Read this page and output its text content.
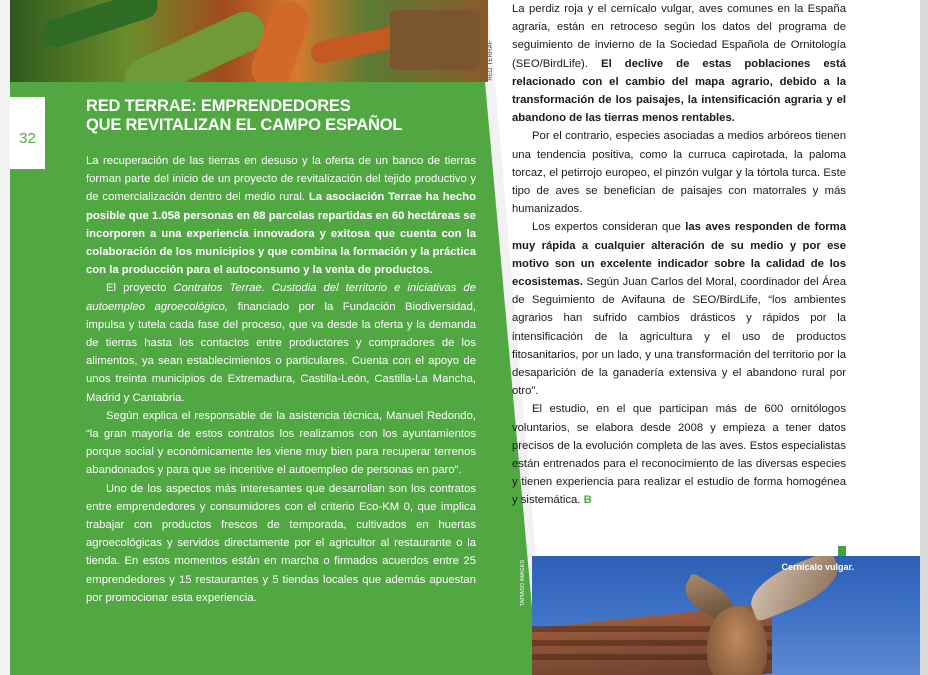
RED TERRAE
32
RED TERRAE: EMPRENDEDORES
QUE REVITALIZAN EL CAMPO ESPAÑOL

La recuperación de las tierras en desuso y la oferta de un banco de tierras forman parte del inicio de un proyecto de revitalización del tejido productivo y de comercialización dentro del medio rural. La asociación Terrae ha hecho posible que 1.058 personas en 88 parcelas repartidas en 60 hectáreas se incorporen a una experiencia innovadora y exitosa que cuenta con la colaboración de los municipios y que combina la formación y la práctica con la producción para el autoconsumo y la venta de productos.

El proyecto Contratos Terrae. Custodia del territorio e iniciativas de autoempleo agroecológico, financiado por la Fundación Biodiversidad, impulsa y tutela cada fase del proceso, que va desde la oferta y la demanda de tierras hasta los contactos entre productores y compradores de los alimentos, ya sean establecimientos o particulares. Cuenta con el apoyo de unos treinta municipios de Extremadura, Castilla-León, Castilla-La Mancha, Madrid y Cantabria.

Según explica el responsable de la asistencia técnica, Manuel Redondo, “la gran mayoría de estos contratos los realizamos con los ayuntamientos porque social y económicamente les viene muy bien para recuperar terrenos abandonados y para que se incentive el autoempleo de personas en paro”.

Uno de los aspectos más interesantes que desarrollan son los contratos entre emprendedores y consumidores con el criterio Eco-KM 0, que implica trabajar con productos frescos de temporada, cultivados en huertas agroecológicas y servidos directamente por el agricultor al restaurante o la tienda. En estos momentos están en marcha o firmados acuerdos entre 25 emprendedores y 15 restaurantes y 5 tiendas locales que además apuestan por promocionar esta experiencia.

La perdiz roja y el cernícalo vulgar, aves comunes en la España agraria, están en retroceso según los datos del programa de seguimiento de invierno de la Sociedad Española de Ornitología (SEO/BirdLife). El declive de estas poblaciones está relacionado con el cambio del mapa agrario, debido a la transformación de los paisajes, la intensificación agraria y el abandono de las tierras menos rentables.

Por el contrario, especies asociadas a medios arbóreos tienen una tendencia positiva, como la curruca capirotada, la paloma torcaz, el petirrojo europeo, el pinzón vulgar y la tórtola turca. Este tipo de aves se benefician de paisajes con matorrales y más humanizados.

Los expertos consideran que las aves responden de forma muy rápida a cualquier alteración de su medio y por ese motivo son un excelente indicador sobre la calidad de los ecosistemas. Según Juan Carlos del Moral, coordinador del Área de Seguimiento de Avifauna de SEO/BirdLife, “los ambientes agrarios han sufrido cambios drásticos y rápidos por la intensificación de la agricultura y el uso de productos fitosanitarios, por un lado, y una transformación del territorio por la desaparición de la ganadería extensiva y el abandono rural por otro”.

El estudio, en el que participan más de 600 ornitólogos voluntarios, se elabora desde 2008 y empieza a tener datos precisos de la evolución completa de las aves. Estos especialistas están entrenados para el reconocimiento de las diversas especies y tienen experiencia para realizar el estudio de forma homogénea y sistemática. B

TAPIASO IMAGES	Cernícalo vulgar.
